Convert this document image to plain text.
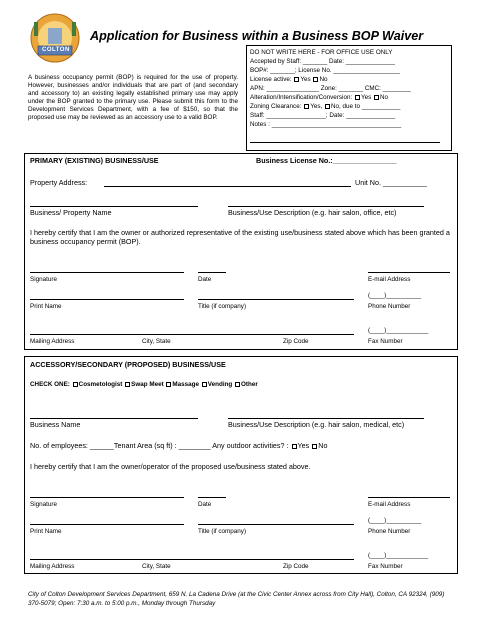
COLTON
Application for Business within a Business BOP Waiver
A business occupancy permit (BOP) is required for the use of property. However, businesses and/or individuals that are part of (and secondary and accessory to) an existing legally established primary use may apply under the BOP granted to the primary use. Please submit this form to the Development Services Department, with a fee of $150, so that the proposed use may be reviewed as an accessory use to a valid BOP.
DO NOT WRITE HERE - FOR OFFICE USE ONLY
Accepted by Staff: _______ Date: ______________
BOP#: _______; License No. ___________________
License active: Yes No
APN: _______________ Zone: _______ CMC: ________
Alteration/Intensification/Conversion: Yes No
Zoning Clearance: Yes, No, due to ___________
Staff: _________________; Date: ______________
Notes : _____________________________________
PRIMARY (EXISTING) BUSINESS/USE	Business License No.:________________
Property Address:	Unit No. ___________
Business/ Property Name	Business/Use Description (e.g. hair salon, office, etc)
I hereby certify that I am the owner or authorized representative of the existing use/business stated above which has been granted a business occupancy permit (BOP).
Signature	Date	E-mail Address
(____)__________
Print Name	Title (if company)	Phone Number
(____)____________
Mailing Address	City, State	Zip Code	Fax Number
ACCESSORY/SECONDARY (PROPOSED) BUSINESS/USE
CHECK ONE: Cosmetologist Swap Meet Massage Vending Other
Business Name	Business/Use Description (e.g. hair salon, medical, etc)
No. of employees: ______Tenant Area (sq ft) : ________ Any outdoor activities? : Yes No
I hereby certify that I am the owner/operator of the proposed use/business stated above.
Signature	Date	E-mail Address
(____)__________
Print Name	Title (if company)	Phone Number
(____)____________
Mailing Address	City, State	Zip Code	Fax Number
City of Colton Development Services Department, 659 N. La Cadena Drive (at the Civic Center Annex across from City Hall), Colton, CA 92324, (909) 370-5079; Open: 7:30 a.m. to 5:00 p.m., Monday through Thursday
